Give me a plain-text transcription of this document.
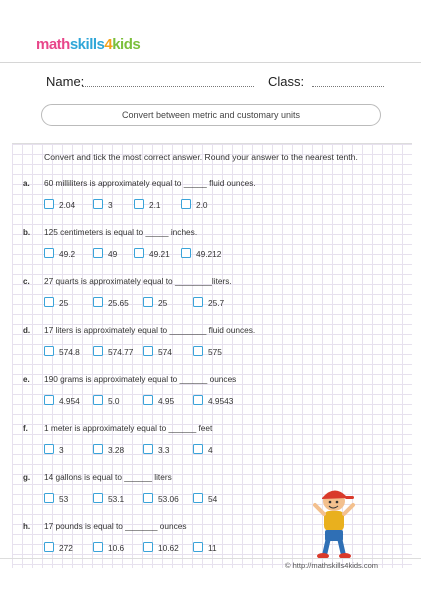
mathskills4kids
Name:	Class:
Convert between metric and customary units
Convert and tick the most correct answer. Round your answer to the nearest tenth.
a. 60 milliliters is approximately equal to _____ fluid ounces.
2.04	3	2.1	2.0
b. 125 centimeters is equal to _____ inches.
49.2	49	49.21	49.212
c. 27 quarts is approximately equal to ________liters.
25	25.65	25	25.7
d. 17 liters is approximately equal to ________ fluid ounces.
574.8	574.77	574	575
e. 190 grams is approximately equal to ______ ounces
4.954	5.0	4.95	4.9543
f. 1 meter is approximately equal to ______ feet
3	3.28	3.3	4
g. 14 gallons is equal to ______ liters
53	53.1	53.06	54
h. 17 pounds is equal to _______ ounces
272	10.6	10.62	11
© http://mathskills4kids.com
